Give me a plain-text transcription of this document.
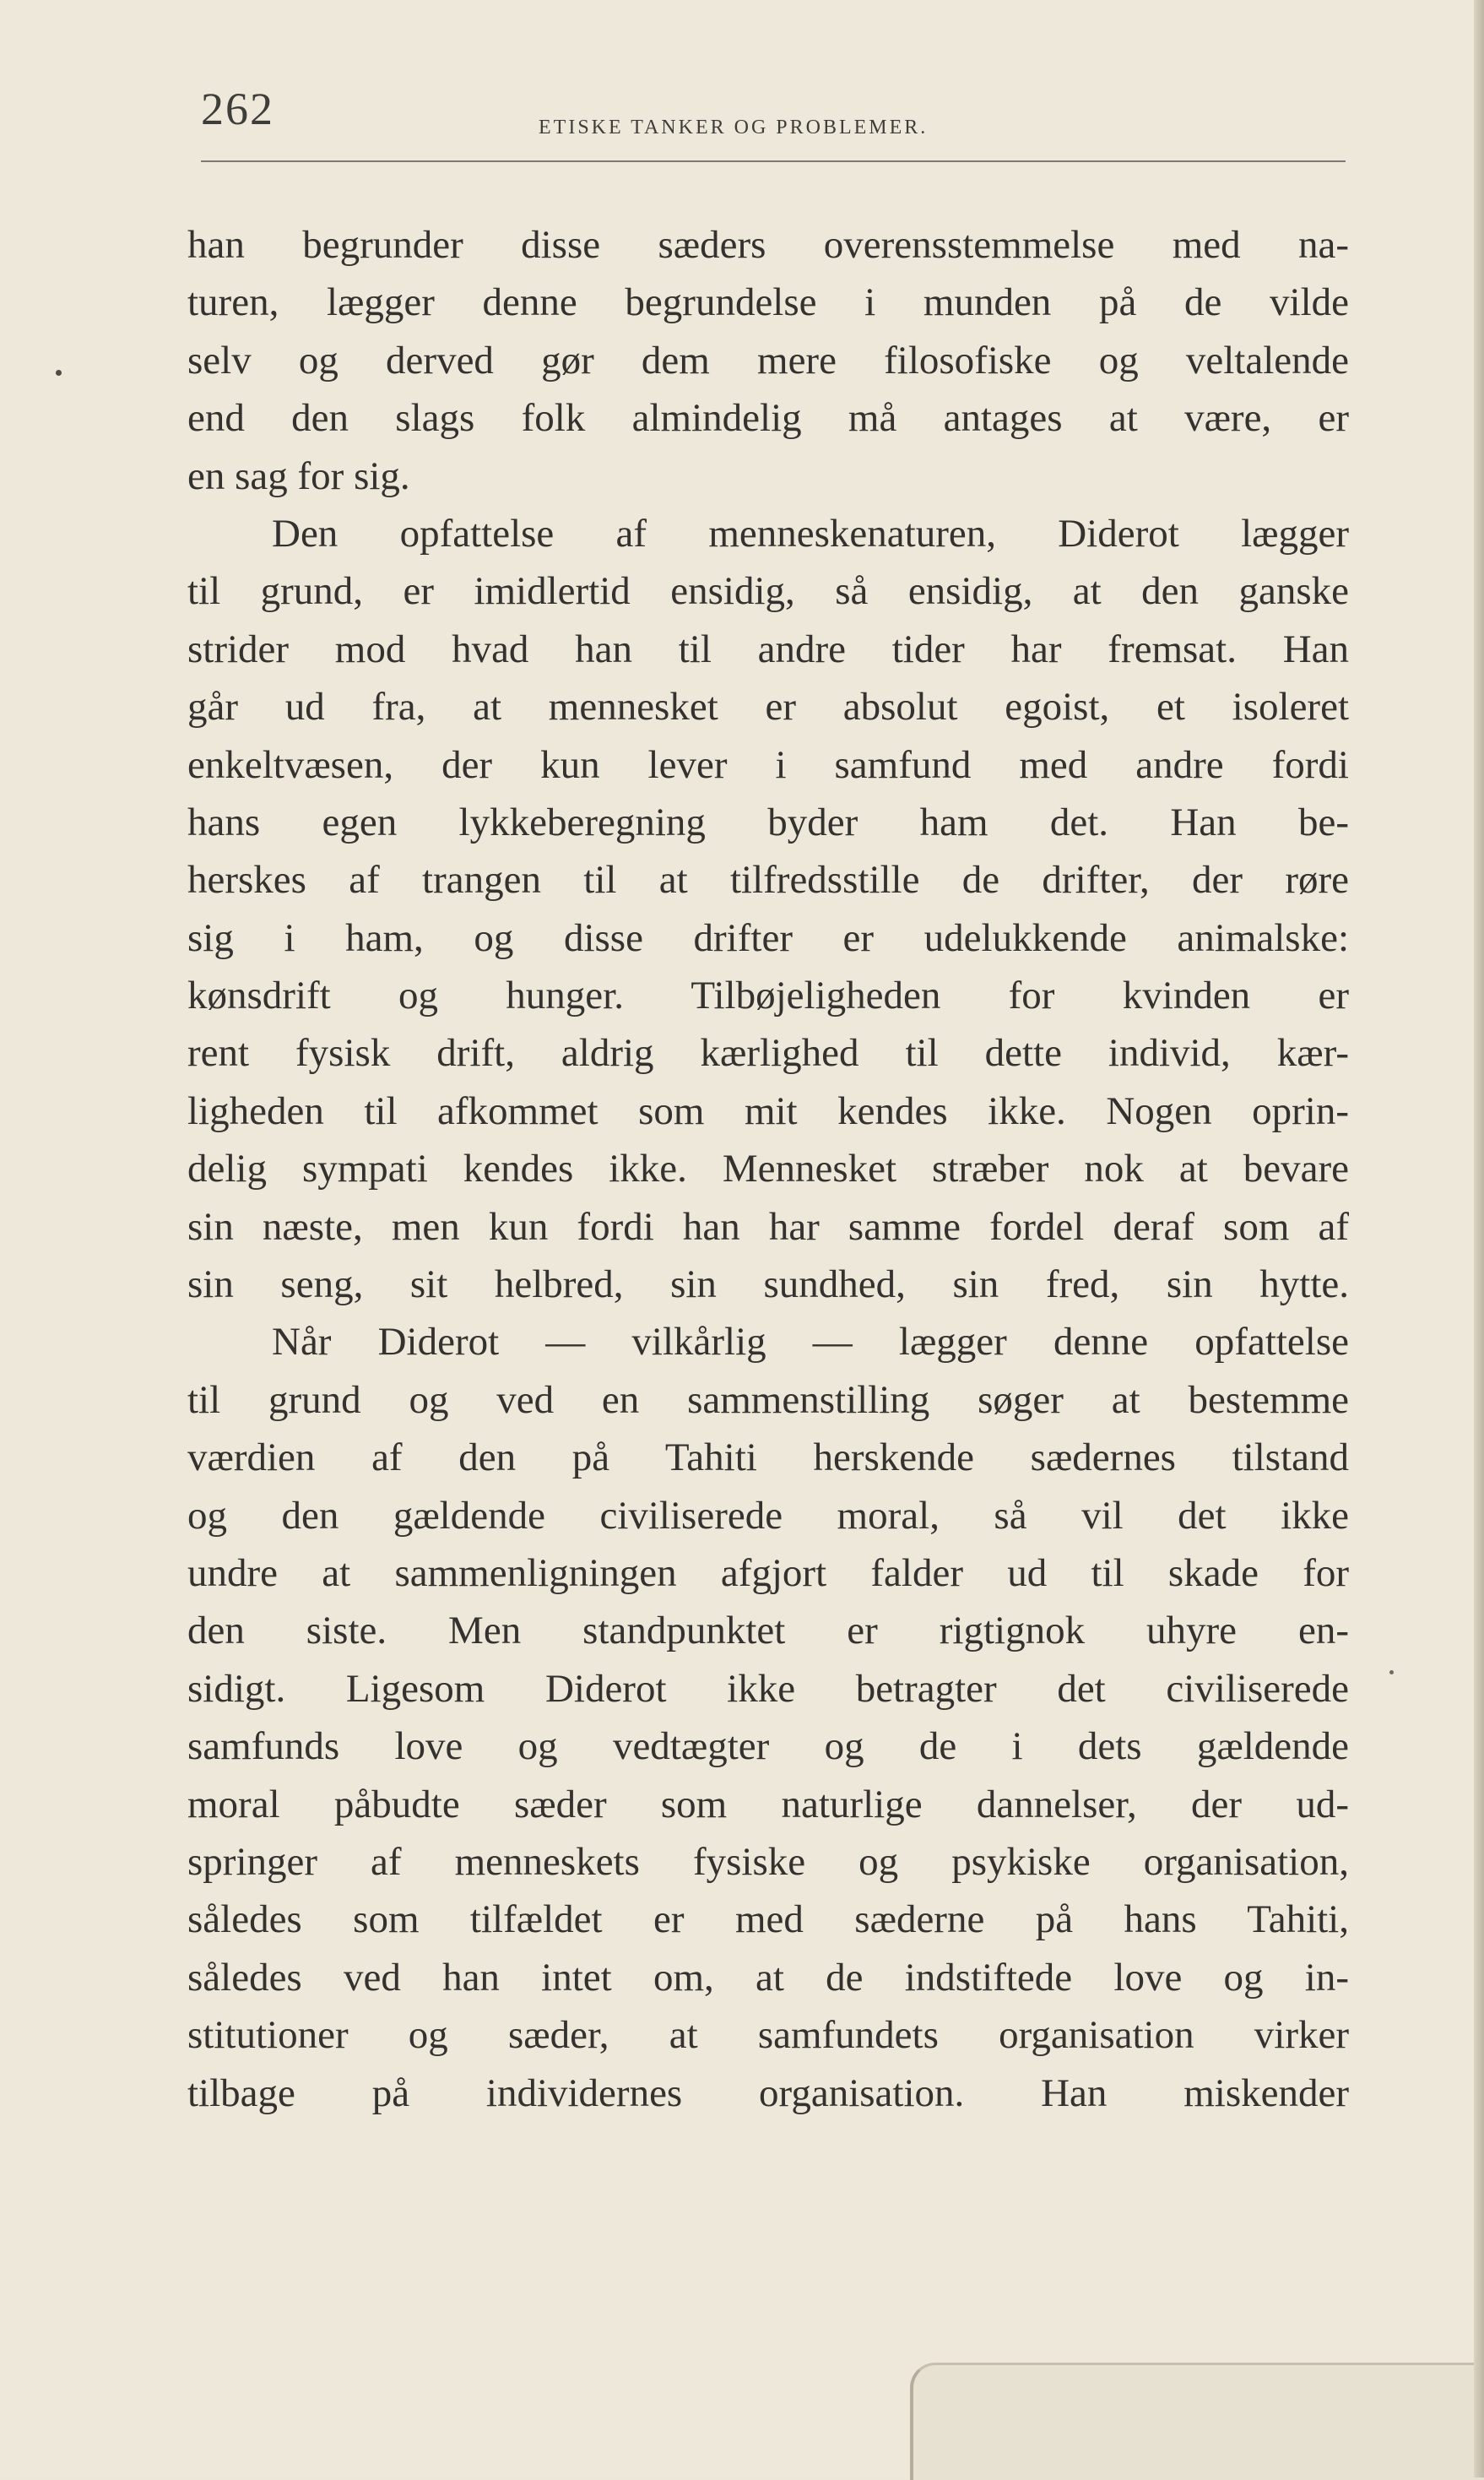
262	ETISKE TANKER OG PROBLEMER.
han begrunder disse sæders overensstemmelse med na-
turen, lægger denne begrundelse i munden på de vilde
selv og derved gør dem mere filosofiske og veltalende
end den slags folk almindelig må antages at være, er
en sag for sig.
Den opfattelse af menneskenaturen, Diderot lægger
til grund, er imidlertid ensidig, så ensidig, at den ganske
strider mod hvad han til andre tider har fremsat. Han
går ud fra, at mennesket er absolut egoist, et isoleret
enkeltvæsen, der kun lever i samfund med andre fordi
hans egen lykkeberegning byder ham det. Han be-
herskes af trangen til at tilfredsstille de drifter, der røre
sig i ham, og disse drifter er udelukkende animalske:
kønsdrift og hunger. Tilbøjeligheden for kvinden er
rent fysisk drift, aldrig kærlighed til dette individ, kær-
ligheden til afkommet som mit kendes ikke. Nogen oprin-
delig sympati kendes ikke. Mennesket stræber nok at bevare
sin næste, men kun fordi han har samme fordel deraf som af
sin seng, sit helbred, sin sundhed, sin fred, sin hytte.
Når Diderot — vilkårlig — lægger denne opfattelse
til grund og ved en sammenstilling søger at bestemme
værdien af den på Tahiti herskende sædernes tilstand
og den gældende civiliserede moral, så vil det ikke
undre at sammenligningen afgjort falder ud til skade for
den siste. Men standpunktet er rigtignok uhyre en-
sidigt. Ligesom Diderot ikke betragter det civiliserede
samfunds love og vedtægter og de i dets gældende
moral påbudte sæder som naturlige dannelser, der ud-
springer af menneskets fysiske og psykiske organisation,
således som tilfældet er med sæderne på hans Tahiti,
således ved han intet om, at de indstiftede love og in-
stitutioner og sæder, at samfundets organisation virker
tilbage på individernes organisation. Han miskender
